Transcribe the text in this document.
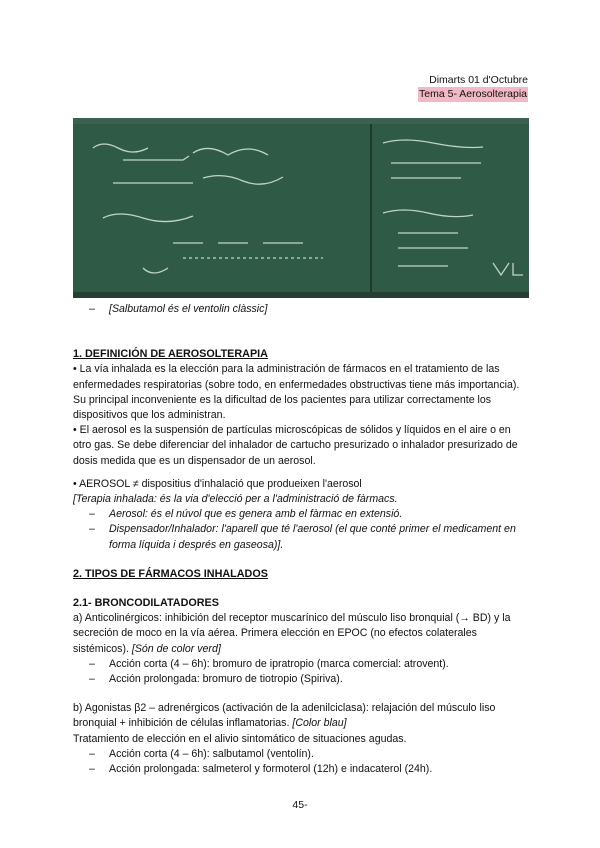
Dimarts 01 d'Octubre
Tema 5- Aerosolterapia
– [Salbutamol és el ventolin clàssic]
1. DEFINICIÓN DE AEROSOLTERAPIA

• La vía inhalada es la elección para la administración de fármacos en el tratamiento de las enfermedades respiratorias (sobre todo, en enfermedades obstructivas tiene más importancia). Su principal inconveniente es la dificultad de los pacientes para utilizar correctamente los dispositivos que los administran.

• El aerosol es la suspensión de partículas microscópicas de sólidos y líquidos en el aire o en otro gas. Se debe diferenciar del inhalador de cartucho presurizado o inhalador presurizado de dosis medida que es un dispensador de un aerosol.

• AEROSOL ≠ dispositius d'inhalació que produeixen l'aerosol

[Terapia inhalada: és la via d'elecció per a l'administració de fàrmacs.

– Aerosol: és el núvol que es genera amb el fàrmac en extensió.
– Dispensador/Inhalador: l'aparell que té l'aerosol (el que conté primer el medicament en forma líquida i després en gaseosa)].
2. TIPOS DE FÁRMACOS INHALADOS
2.1- BRONCODILATADORES

a) Anticolinérgicos: inhibición del receptor muscarínico del músculo liso bronquial (→ BD) y la secreción de moco en la vía aérea. Primera elección en EPOC (no efectos colaterales sistémicos). [Són de color verd]

– Acción corta (4 – 6h): bromuro de ipratropio (marca comercial: atrovent).
– Acción prolongada: bromuro de tiotropio (Spiriva).

b) Agonistas β2 – adrenérgicos (activación de la adenilciclasa): relajación del músculo liso bronquial + inhibición de células inflamatorias. [Color blau]

Tratamiento de elección en el alivio sintomático de situaciones agudas.

– Acción corta (4 – 6h): salbutamol (ventolín).
– Acción prolongada: salmeterol y formoterol (12h) e indacaterol (24h).
45-
